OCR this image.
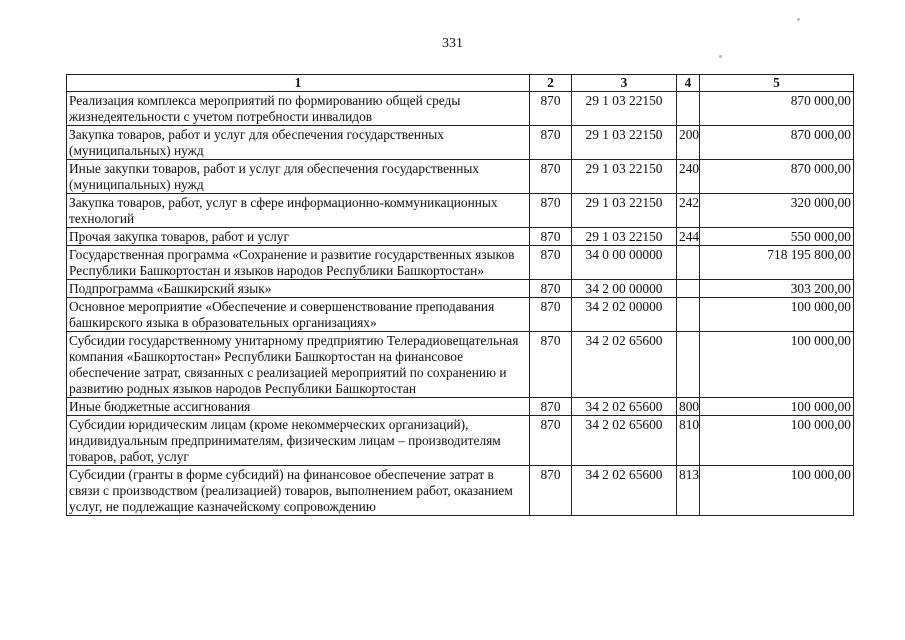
331
1	2	3	4	5
Реализация комплекса мероприятий по формированию общей среды жизнедеятельности с учетом потребности инвалидов	870	29 1 03 22150		870 000,00
Закупка товаров, работ и услуг для обеспечения государственных (муниципальных) нужд	870	29 1 03 22150	200	870 000,00
Иные закупки товаров, работ и услуг для обеспечения государственных (муниципальных) нужд	870	29 1 03 22150	240	870 000,00
Закупка товаров, работ, услуг в сфере информационно-коммуникационных технологий	870	29 1 03 22150	242	320 000,00
Прочая закупка товаров, работ и услуг	870	29 1 03 22150	244	550 000,00
Государственная программа «Сохранение и развитие государственных языков Республики Башкортостан и языков народов Республики Башкортостан»	870	34 0 00 00000		718 195 800,00
Подпрограмма «Башкирский язык»	870	34 2 00 00000		303 200,00
Основное мероприятие «Обеспечение и совершенствование преподавания башкирского языка в образовательных организациях»	870	34 2 02 00000		100 000,00
Субсидии государственному унитарному предприятию Телерадиовещательная компания «Башкортостан» Республики Башкортостан на финансовое обеспечение затрат, связанных с реализацией мероприятий по сохранению и развитию родных языков народов Республики Башкортостан	870	34 2 02 65600		100 000,00
Иные бюджетные ассигнования	870	34 2 02 65600	800	100 000,00
Субсидии юридическим лицам (кроме некоммерческих организаций), индивидуальным предпринимателям, физическим лицам – производителям товаров, работ, услуг	870	34 2 02 65600	810	100 000,00
Субсидии (гранты в форме субсидий) на финансовое обеспечение затрат в связи с производством (реализацией) товаров, выполнением работ, оказанием услуг, не подлежащие казначейскому сопровождению	870	34 2 02 65600	813	100 000,00
